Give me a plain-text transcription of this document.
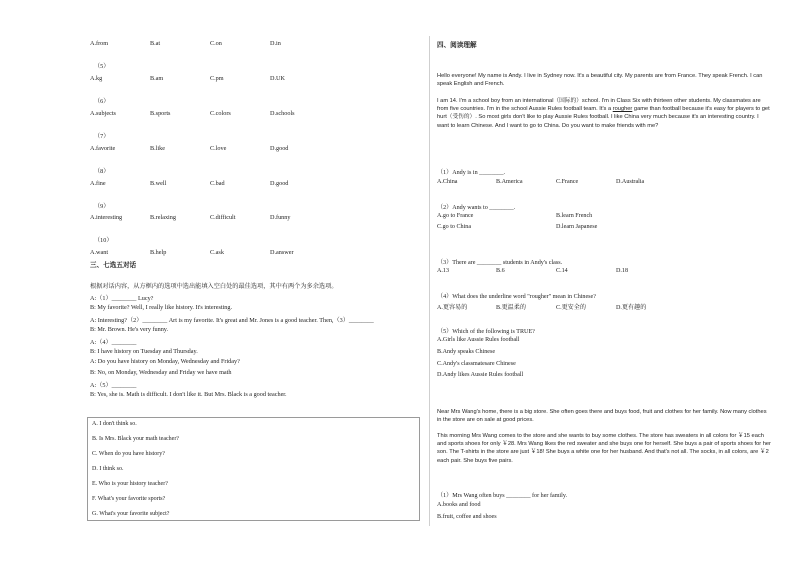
A.from	B.at	C.on	D.in
（5）
A.kg	B.am	C.pm	D.UK
（6）
A.subjects	B.sports	C.colors	D.schools
（7）
A.favorite	B.like	C.love	D.good
（8）
A.fine	B.well	C.bad	D.good
（9）
A.interesting	B.relaxing	C.difficult	D.funny
（10）
A.want	B.help	C.ask	D.answer
三、七选五对话
根据对话内容，从方框内的选项中选出能填入空白处的最佳选项，其中有两个为多余选项。
A:（1）________ Lucy?
B: My favorite? Well, I really like history. It's interesting.
A: Interesting?（2）________ Art is my favorite. It's great and Mr. Jones is a good teacher. Then,（3）________
B: Mr. Brown. He's very funny.
A:（4）________
B: I have history on Tuesday and Thursday.
A: Do you have history on Monday, Wednesday and Friday?
B: No, on Monday, Wednesday and Friday we have math
A:（5）________
B: Yes, she is. Math is difficult. I don't like it. But Mrs. Black is a good teacher.
A. I don't think so.
B. Is Mrs. Black your math teacher?
C. When do you have history?
D. I think so.
E. Who is your history teacher?
F. What's your favorite sports?
G. What's your favorite subject?
四、阅读理解
Hello everyone! My name is Andy. I live in Sydney now. It's a beautiful city. My parents are from France. They speak French. I can speak English and French.
I am 14. I'm a school boy from an international（国际的）school. I'm in Class Six with thirteen other students. My classmates are from five countries. I'm in the school Aussie Rules football team. It's a rougher game than football because it's easy for players to get hurt（受伤的）. So most girls don't like to play Aussie Rules football. I like China very much because it's an interesting country. I want to learn Chinese. And I want to go to China. Do you want to make friends with me?
（1）Andy is in ________.
A.China	B.America	C.France	D.Australia
（2）Andy wants to ________.
A.go to France	B.learn French
C.go to China	D.learn Japanese
（3）There are ________ students in Andy's class.
A.13	B.6	C.14	D.18
（4）What does the underline word "rougher" mean in Chinese?
A.更容易的	B.更温柔的	C.更安全的	D.更有趣的
（5）Which of the following is TRUE?
A.Girls like Aussie Rules football
B.Andy speaks Chinese
C.Andy's classmatesare Chinese
D.Andy likes Aussie Rules football
Near Mrs Wang's home, there is a big store. She often goes there and buys food, fruit and clothes for her family. Now many clothes in the store are on sale at good prices.
This morning Mrs Wang comes to the store and she wants to buy some clothes. The store has sweaters in all colors for ￥15 each and sports shoes for only ￥28. Mrs Wang likes the red sweater and she buys one for herself. She buys a pair of sports shoes for her son. The T-shirts in the store are just ￥18! She buys a white one for her husband. And that's not all. The socks, in all colors, are ￥2 each pair. She buys five pairs.
（1）Mrs Wang often buys ________ for her family.
A.books and food
B.fruit, coffee and shoes
